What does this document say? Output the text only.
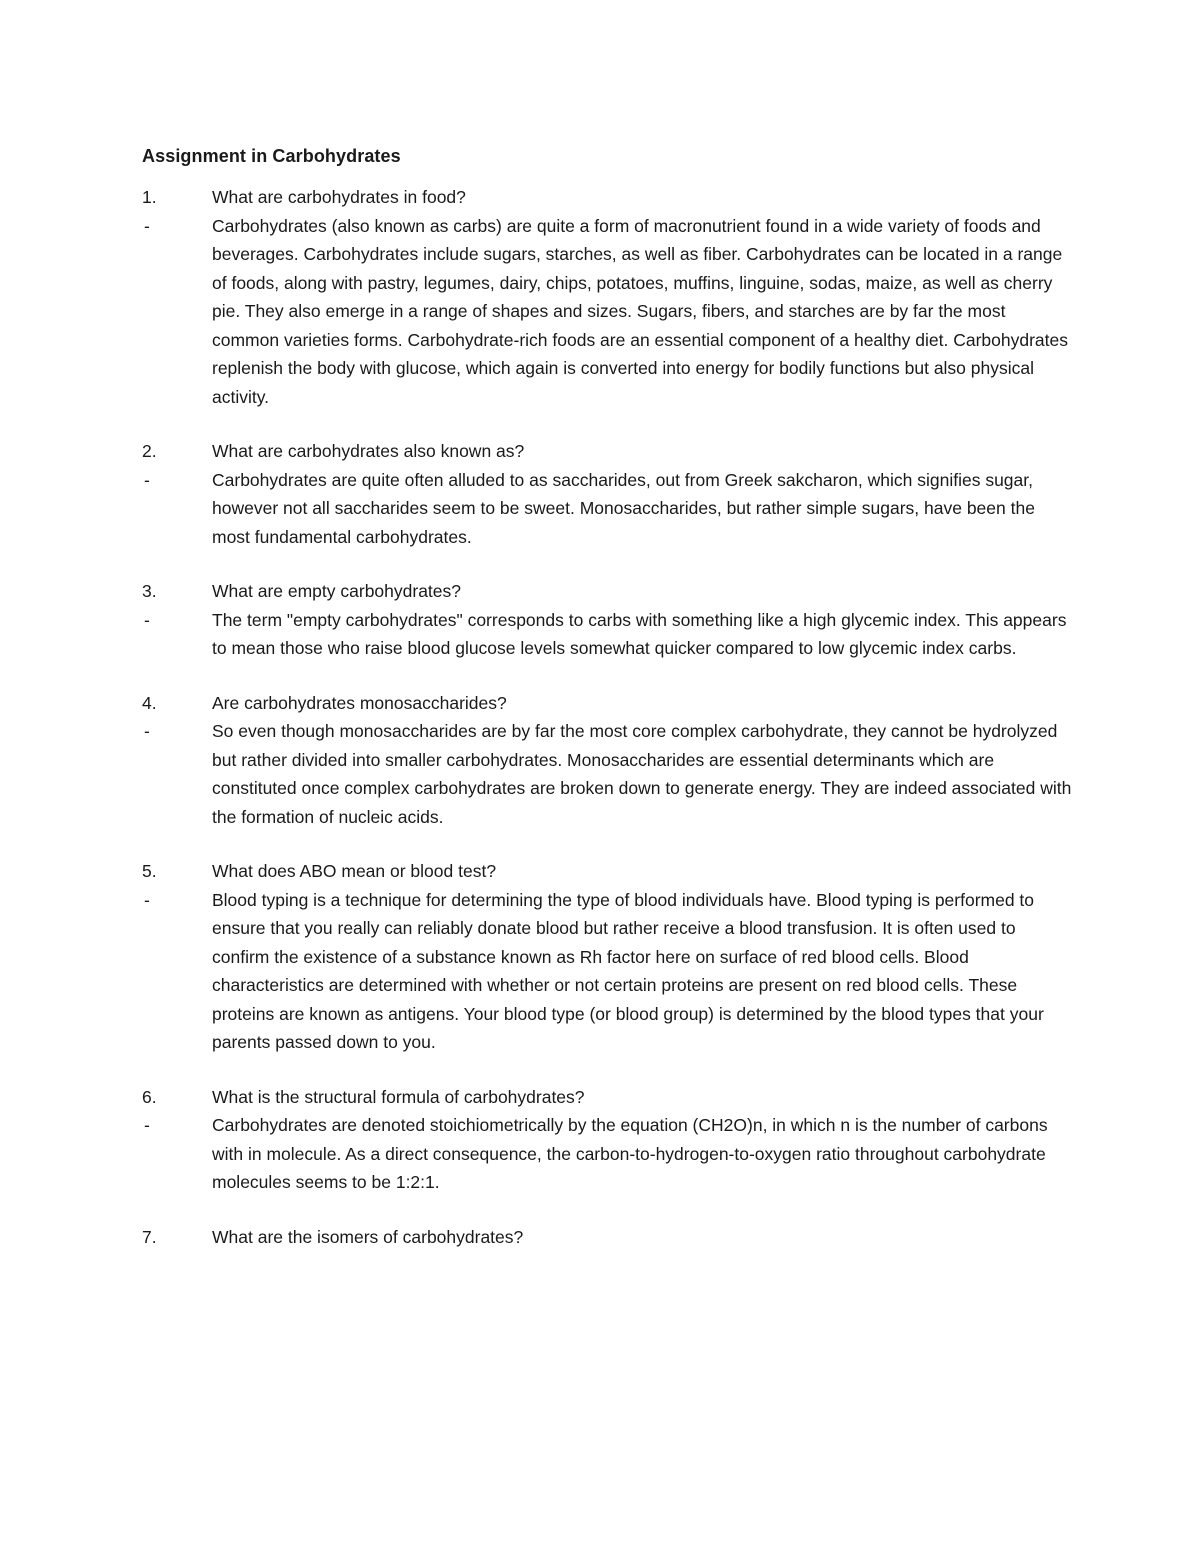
Assignment in Carbohydrates
1.	What are carbohydrates in food?
-	Carbohydrates (also known as carbs) are quite a form of macronutrient found in a wide variety of foods and beverages. Carbohydrates include sugars, starches, as well as fiber. Carbohydrates can be located in a range of foods, along with pastry, legumes, dairy, chips, potatoes, muffins, linguine, sodas, maize, as well as cherry pie. They also emerge in a range of shapes and sizes. Sugars, fibers, and starches are by far the most common varieties forms. Carbohydrate-rich foods are an essential component of a healthy diet. Carbohydrates replenish the body with glucose, which again is converted into energy for bodily functions but also physical activity.
2.	What are carbohydrates also known as?
-	Carbohydrates are quite often alluded to as saccharides, out from Greek sakcharon, which signifies sugar, however not all saccharides seem to be sweet. Monosaccharides, but rather simple sugars, have been the most fundamental carbohydrates.
3.	What are empty carbohydrates?
-	The term "empty carbohydrates" corresponds to carbs with something like a high glycemic index. This appears to mean those who raise blood glucose levels somewhat quicker compared to low glycemic index carbs.
4.	Are carbohydrates monosaccharides?
-	So even though monosaccharides are by far the most core complex carbohydrate, they cannot be hydrolyzed but rather divided into smaller carbohydrates. Monosaccharides are essential determinants which are constituted once complex carbohydrates are broken down to generate energy. They are indeed associated with the formation of nucleic acids.
5.	What does ABO mean or blood test?
-	Blood typing is a technique for determining the type of blood individuals have. Blood typing is performed to ensure that you really can reliably donate blood but rather receive a blood transfusion. It is often used to confirm the existence of a substance known as Rh factor here on surface of red blood cells. Blood characteristics are determined with whether or not certain proteins are present on red blood cells. These proteins are known as antigens. Your blood type (or blood group) is determined by the blood types that your parents passed down to you.
6.	What is the structural formula of carbohydrates?
-	Carbohydrates are denoted stoichiometrically by the equation (CH2O)n, in which n is the number of carbons with in molecule. As a direct consequence, the carbon-to-hydrogen-to-oxygen ratio throughout carbohydrate molecules seems to be 1:2:1.
7.	What are the isomers of carbohydrates?
